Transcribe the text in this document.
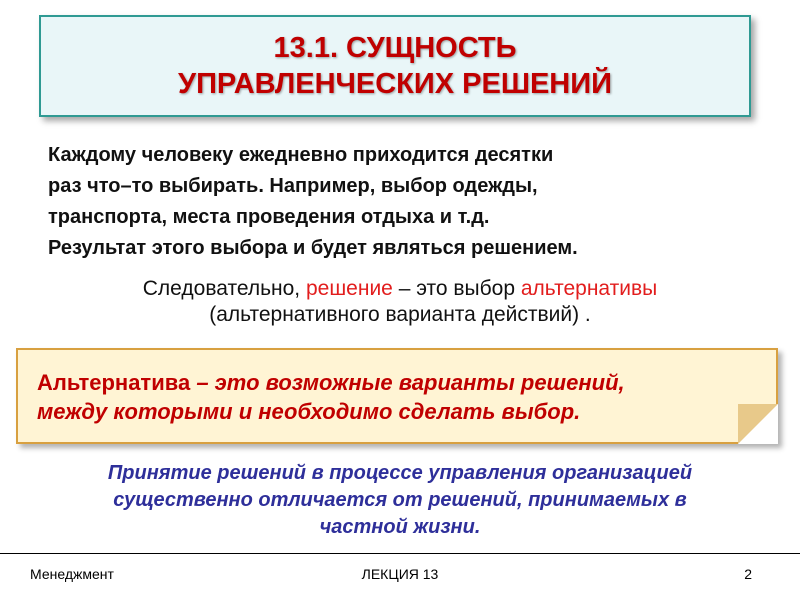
13.1. СУЩНОСТЬ
УПРАВЛЕНЧЕСКИХ РЕШЕНИЙ
Каждому человеку ежедневно приходится десятки
раз что–то выбирать. Например, выбор одежды,
транспорта, места проведения отдыха и т.д.
Результат этого выбора и будет являться решением.
Следовательно, решение – это выбор альтернативы
(альтернативного варианта действий) .
Альтернатива – это возможные варианты решений,
между которыми и необходимо сделать выбор.
Принятие решений в процессе управления организацией
существенно отличается от решений, принимаемых в
частной жизни.
Менеджмент	ЛЕКЦИЯ 13	2
